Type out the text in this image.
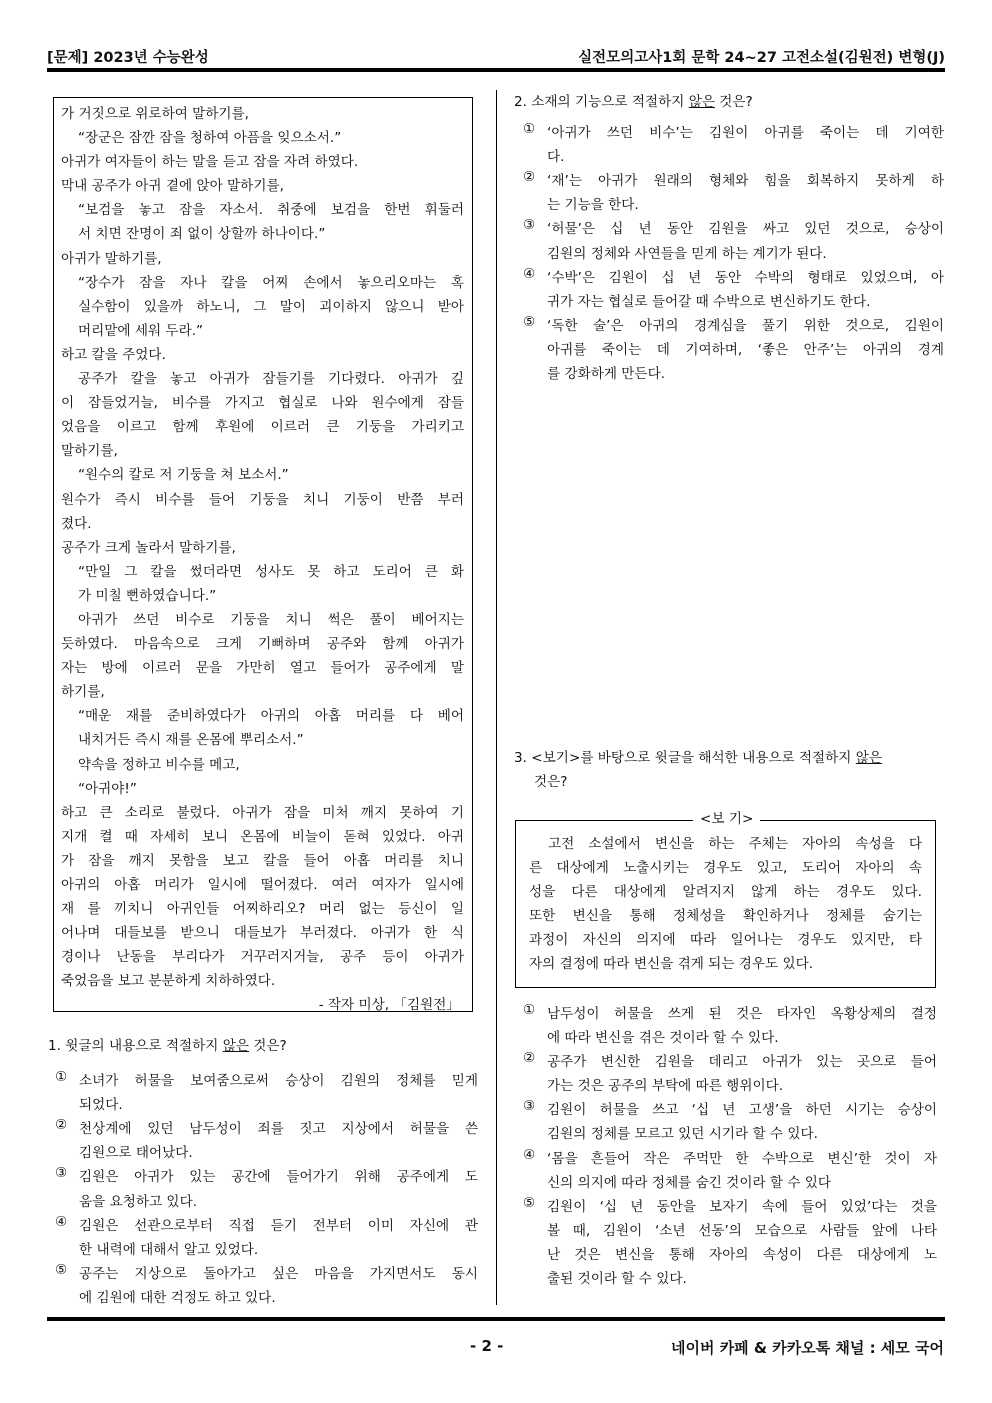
[문제] 2023년 수능완성	실전모의고사1회 문학 24~27 고전소설(김원전) 변형(J)
가 거짓으로 위로하여 말하기를,
“장군은 잠깐 잠을 청하여 아픔을 잊으소서.”
아귀가 여자들이 하는 말을 듣고 잠을 자려 하였다.
막내 공주가 아귀 곁에 앉아 말하기를,
“보검을 놓고 잠을 자소서. 취중에 보검을 한번 휘둘러
서 치면 잔명이 죄 없이 상할까 하나이다.”
아귀가 말하기를,
“장수가 잠을 자나 칼을 어찌 손에서 놓으리오마는 혹
실수함이 있을까 하노니, 그 말이 괴이하지 않으니 받아
머리맡에 세워 두라.”
하고 칼을 주었다.
공주가 칼을 놓고 아귀가 잠들기를 기다렸다. 아귀가 깊
이 잠들었거늘, 비수를 가지고 협실로 나와 원수에게 잠들
었음을 이르고 함께 후원에 이르러 큰 기둥을 가리키고
말하기를,
“원수의 칼로 저 기둥을 쳐 보소서.”
원수가 즉시 비수를 들어 기둥을 치니 기둥이 반쯤 부러
졌다.
공주가 크게 놀라서 말하기를,
“만일 그 칼을 썼더라면 성사도 못 하고 도리어 큰 화
가 미칠 뻔하였습니다.”
아귀가 쓰던 비수로 기둥을 치니 썩은 풀이 베어지는
듯하였다. 마음속으로 크게 기뻐하며 공주와 함께 아귀가
자는 방에 이르러 문을 가만히 열고 들어가 공주에게 말
하기를,
“매운 재를 준비하였다가 아귀의 아홉 머리를 다 베어
내치거든 즉시 재를 온몸에 뿌리소서.”
약속을 정하고 비수를 메고,
“아귀야!”
하고 큰 소리로 불렀다. 아귀가 잠을 미처 깨지 못하여 기
지개 켤 때 자세히 보니 온몸에 비늘이 돋혀 있었다. 아귀
가 잠을 깨지 못함을 보고 칼을 들어 아홉 머리를 치니
아귀의 아홉 머리가 일시에 떨어졌다. 여러 여자가 일시에
재 를 끼치니 아귀인들 어찌하리오? 머리 없는 등신이 일
어나며 대들보를 받으니 대들보가 부러졌다. 아귀가 한 식
경이나 난동을 부리다가 거꾸러지거늘, 공주 등이 아귀가
죽었음을 보고 분분하게 치하하였다.
- 작자 미상, 「김원전」
1. 윗글의 내용으로 적절하지 않은 것은?
① 소녀가 허물을 보여줌으로써 승상이 김원의 정체를 믿게
되었다.
② 천상계에 있던 남두성이 죄를 짓고 지상에서 허물을 쓴
김원으로 태어났다.
③ 김원은 아귀가 있는 공간에 들어가기 위해 공주에게 도
움을 요청하고 있다.
④ 김원은 선관으로부터 직접 듣기 전부터 이미 자신에 관
한 내력에 대해서 알고 있었다.
⑤ 공주는 지상으로 돌아가고 싶은 마음을 가지면서도 동시
에 김원에 대한 걱정도 하고 있다.
2. 소재의 기능으로 적절하지 않은 것은?
① ‘아귀가 쓰던 비수’는 김원이 아귀를 죽이는 데 기여한
다.
② ‘재’는 아귀가 원래의 형체와 힘을 회복하지 못하게 하
는 기능을 한다.
③ ‘허물’은 십 년 동안 김원을 싸고 있던 것으로, 승상이
김원의 정체와 사연들을 믿게 하는 계기가 된다.
④ ‘수박’은 김원이 십 년 동안 수박의 형태로 있었으며, 아
귀가 자는 협실로 들어갈 때 수박으로 변신하기도 한다.
⑤ ‘독한 술’은 아귀의 경계심을 풀기 위한 것으로, 김원이
아귀를 죽이는 데 기여하며, ‘좋은 안주’는 아귀의 경계
를 강화하게 만든다.
3. <보기>를 바탕으로 윗글을 해석한 내용으로 적절하지 않은
것은?
고전 소설에서 변신을 하는 주체는 자아의 속성을 다
른 대상에게 노출시키는 경우도 있고, 도리어 자아의 속
성을 다른 대상에게 알려지지 않게 하는 경우도 있다.
또한 변신을 통해 정체성을 확인하거나 정체를 숨기는
과정이 자신의 의지에 따라 일어나는 경우도 있지만, 타
자의 결정에 따라 변신을 겪게 되는 경우도 있다.
<보 기>
① 남두성이 허물을 쓰게 된 것은 타자인 옥황상제의 결정
에 따라 변신을 겪은 것이라 할 수 있다.
② 공주가 변신한 김원을 데리고 아귀가 있는 곳으로 들어
가는 것은 공주의 부탁에 따른 행위이다.
③ 김원이 허물을 쓰고 ‘십 년 고생’을 하던 시기는 승상이
김원의 정체를 모르고 있던 시기라 할 수 있다.
④ ‘몸을 흔들어 작은 주먹만 한 수박으로 변신’한 것이 자
신의 의지에 따라 정체를 숨긴 것이라 할 수 있다
⑤ 김원이 ‘십 년 동안을 보자기 속에 들어 있었’다는 것을
볼 때, 김원이 ‘소년 선동’의 모습으로 사람들 앞에 나타
난 것은 변신을 통해 자아의 속성이 다른 대상에게 노
출된 것이라 할 수 있다.
- 2 -	네이버 카페 & 카카오톡 채널 : 세모 국어
